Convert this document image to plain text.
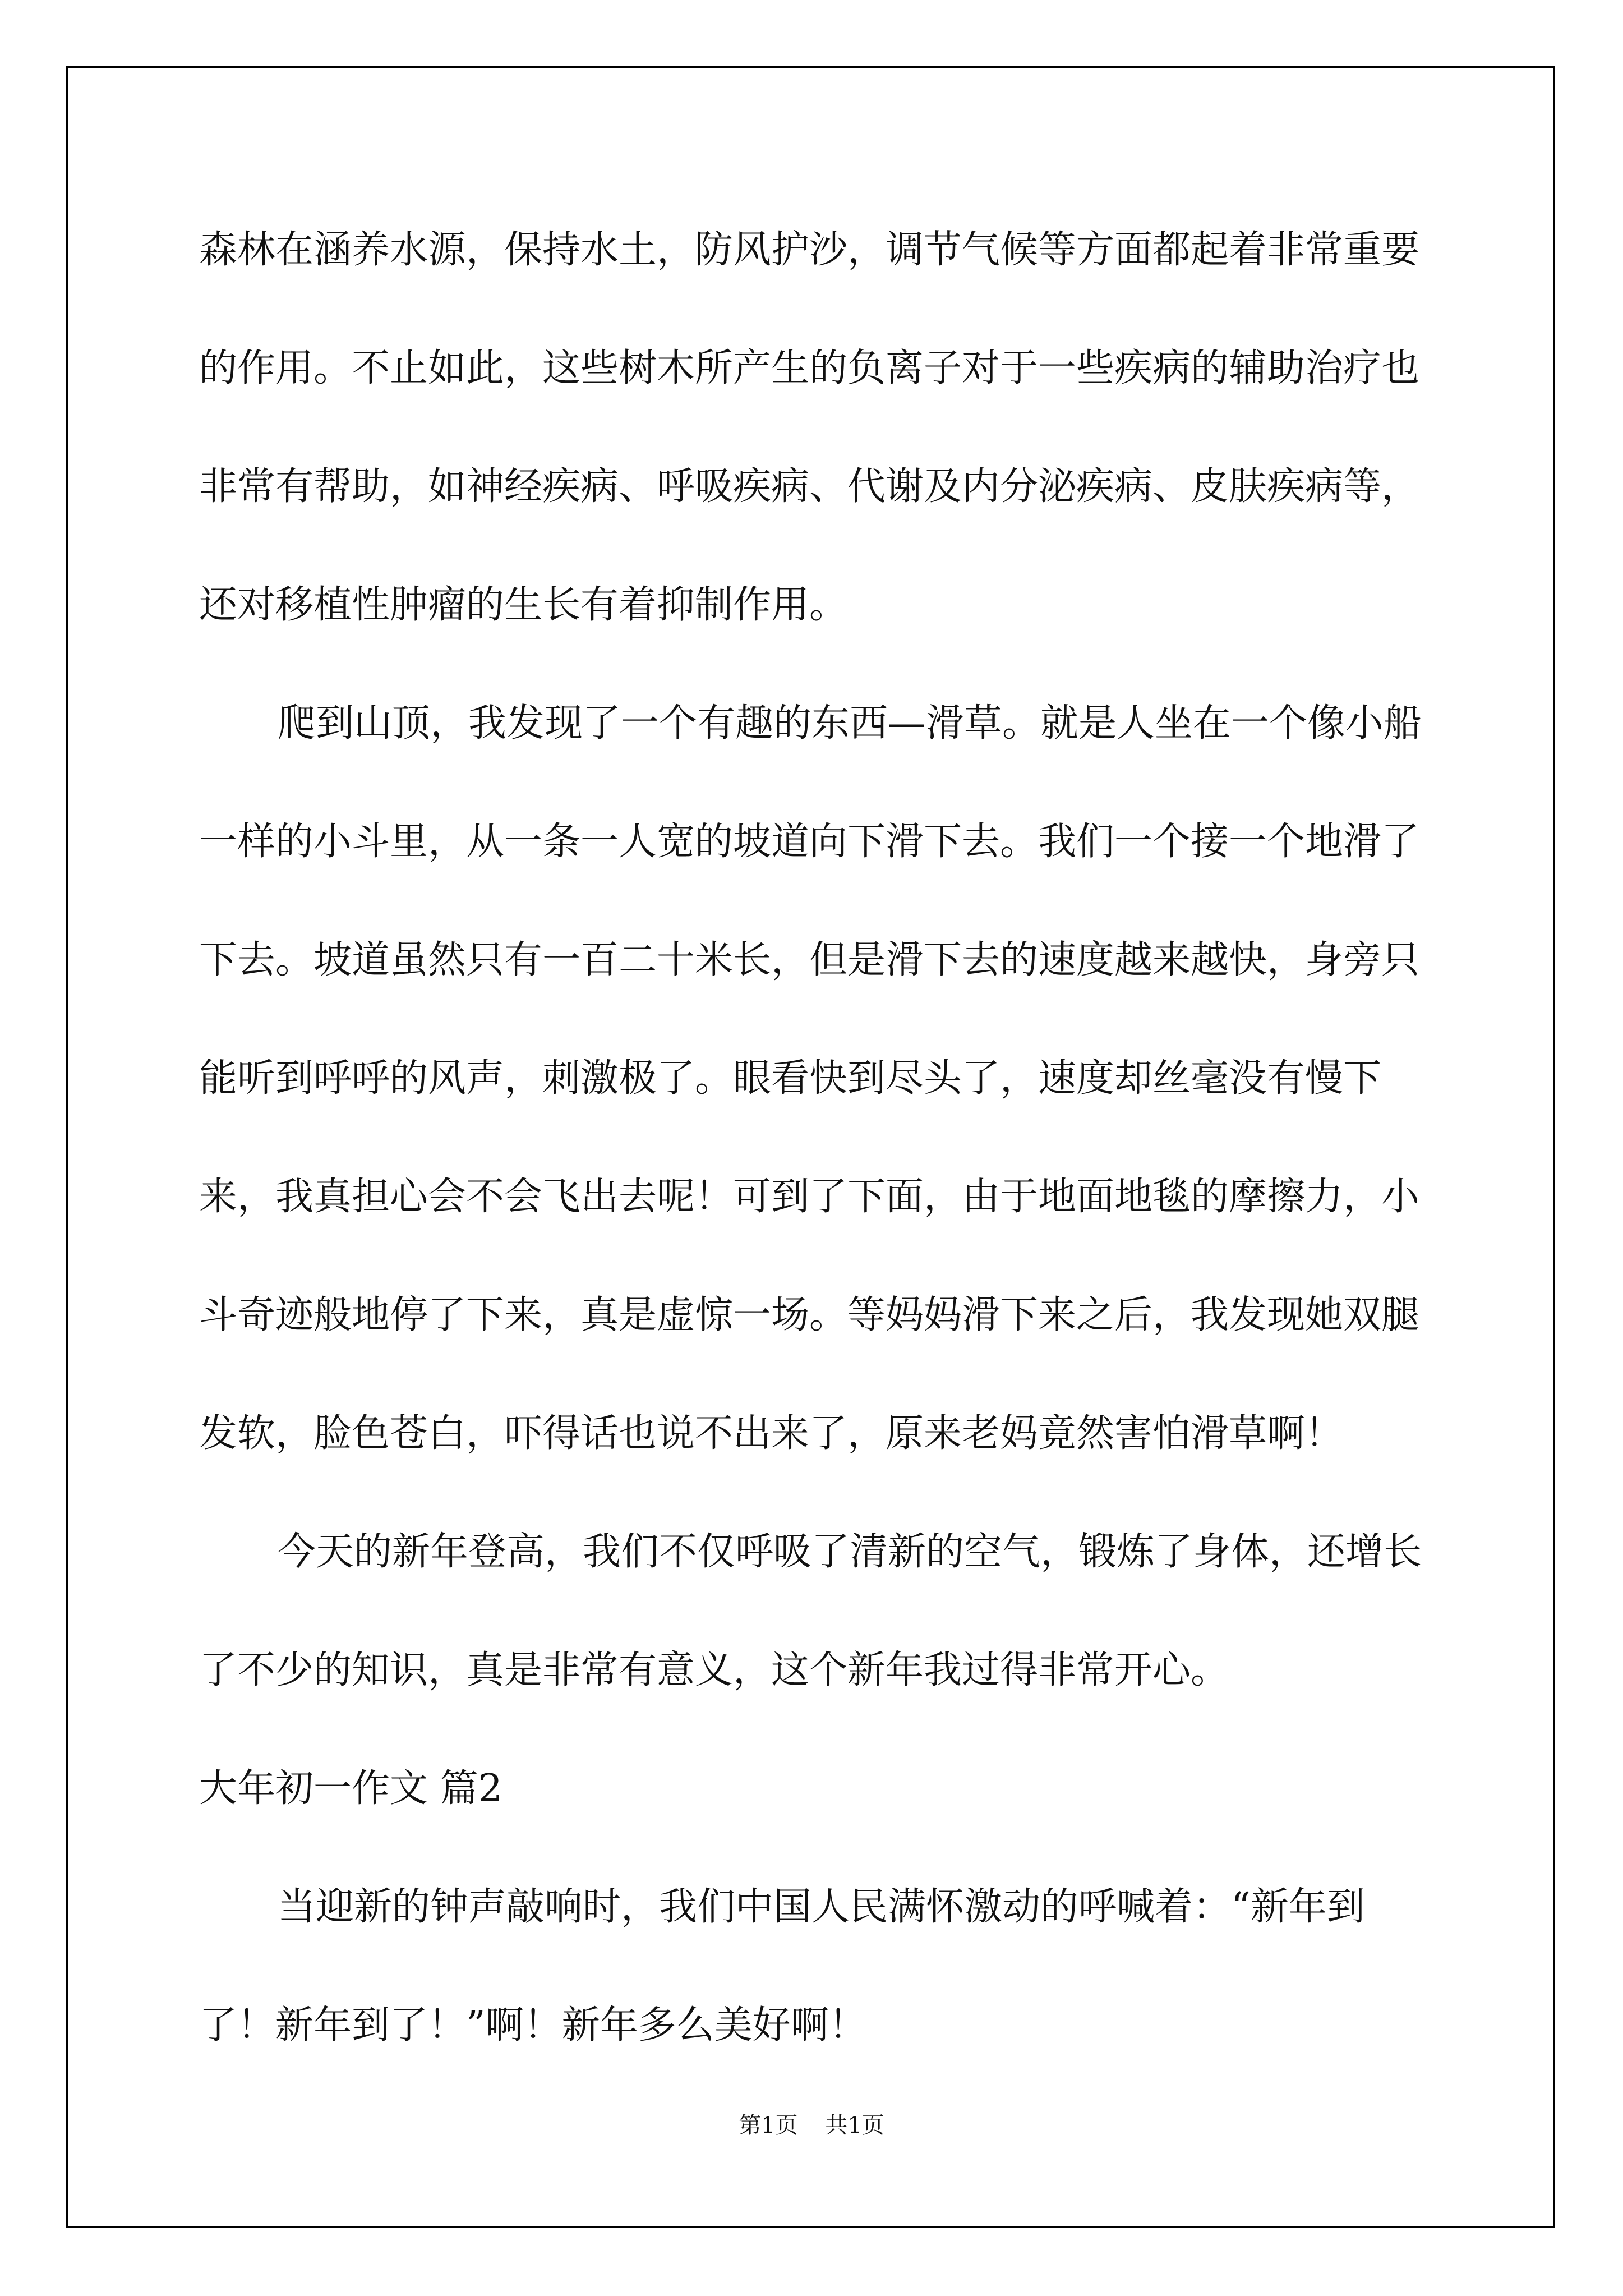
森林在涵养水源，保持水土，防风护沙，调节气候等方面都起着非常重要的作用。不止如此，这些树木所产生的负离子对于一些疾病的辅助治疗也非常有帮助，如神经疾病、呼吸疾病、代谢及内分泌疾病、皮肤疾病等，还对移植性肿瘤的生长有着抑制作用。

爬到山顶，我发现了一个有趣的东西—滑草。就是人坐在一个像小船一样的小斗里，从一条一人宽的坡道向下滑下去。我们一个接一个地滑了下去。坡道虽然只有一百二十米长，但是滑下去的速度越来越快，身旁只能听到呼呼的风声，刺激极了。眼看快到尽头了，速度却丝毫没有慢下来，我真担心会不会飞出去呢！可到了下面，由于地面地毯的摩擦力，小斗奇迹般地停了下来，真是虚惊一场。等妈妈滑下来之后，我发现她双腿发软，脸色苍白，吓得话也说不出来了，原来老妈竟然害怕滑草啊！

今天的新年登高，我们不仅呼吸了清新的空气，锻炼了身体，还增长了不少的知识，真是非常有意义，这个新年我过得非常开心。

大年初一作文 篇2

当迎新的钟声敲响时，我们中国人民满怀激动的呼喊着：“新年到了！新年到了！”啊！新年多么美好啊！

第1页 共1页
